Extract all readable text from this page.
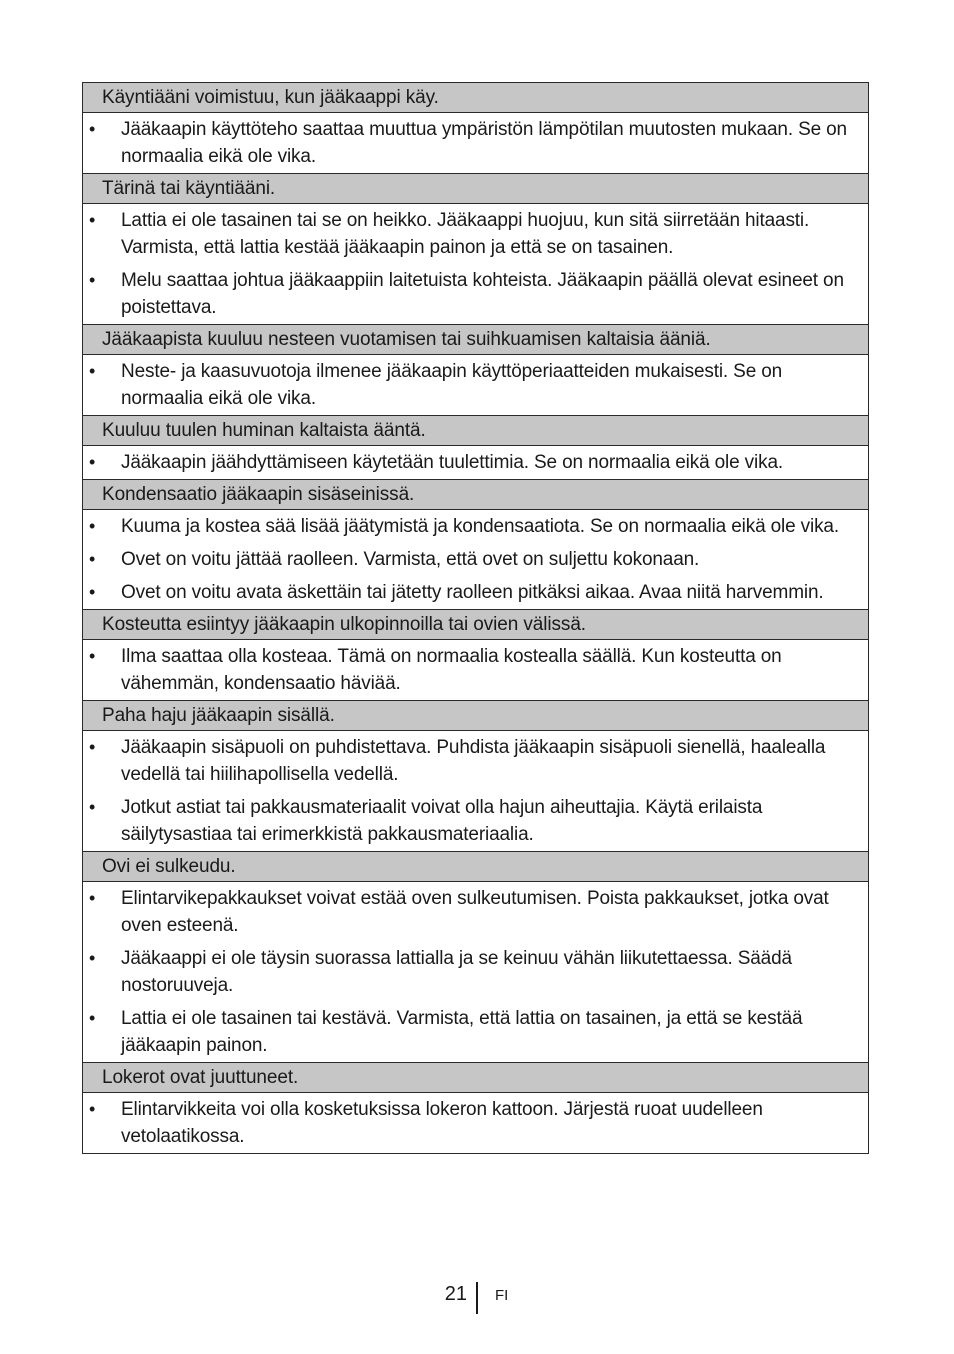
Käyntiääni voimistuu, kun jääkaappi käy.
• Jääkaapin käyttöteho saattaa muuttua ympäristön lämpötilan muutosten mukaan. Se on normaalia eikä ole vika.
Tärinä tai käyntiääni.
• Lattia ei ole tasainen tai se on heikko. Jääkaappi huojuu, kun sitä siirretään hitaasti. Varmista, että lattia kestää jääkaapin painon ja että se on tasainen.
• Melu saattaa johtua jääkaappiin laitetuista kohteista. Jääkaapin päällä olevat esineet on poistettava.
Jääkaapista kuuluu nesteen vuotamisen tai suihkuamisen kaltaisia ääniä.
• Neste- ja kaasuvuotoja ilmenee jääkaapin käyttöperiaatteiden mukaisesti. Se on normaalia eikä ole vika.
Kuuluu tuulen huminan kaltaista ääntä.
• Jääkaapin jäähdyttämiseen käytetään tuulettimia. Se on normaalia eikä ole vika.
Kondensaatio jääkaapin sisäseinissä.
• Kuuma ja kostea sää lisää jäätymistä ja kondensaatiota. Se on normaalia eikä ole vika.
• Ovet on voitu jättää raolleen. Varmista, että ovet on suljettu kokonaan.
• Ovet on voitu avata äskettäin tai jätetty raolleen pitkäksi aikaa. Avaa niitä harvemmin.
Kosteutta esiintyy jääkaapin ulkopinnoilla tai ovien välissä.
• Ilma saattaa olla kosteaa. Tämä on normaalia kostealla säällä. Kun kosteutta on vähemmän, kondensaatio häviää.
Paha haju jääkaapin sisällä.
• Jääkaapin sisäpuoli on puhdistettava. Puhdista jääkaapin sisäpuoli sienellä, haalealla vedellä tai hiilihapollisella vedellä.
• Jotkut astiat tai pakkausmateriaalit voivat olla hajun aiheuttajia. Käytä erilaista säilytysastiaa tai erimerkkistä pakkausmateriaalia.
Ovi ei sulkeudu.
• Elintarvikepakkaukset voivat estää oven sulkeutumisen. Poista pakkaukset, jotka ovat oven esteenä.
• Jääkaappi ei ole täysin suorassa lattialla ja se keinuu vähän liikutettaessa. Säädä nostoruuveja.
• Lattia ei ole tasainen tai kestävä. Varmista, että lattia on tasainen, ja että se kestää jääkaapin painon.
Lokerot ovat juuttuneet.
• Elintarvikkeita voi olla kosketuksissa lokeron kattoon. Järjestä ruoat uudelleen vetolaatikossa.
21 FI
